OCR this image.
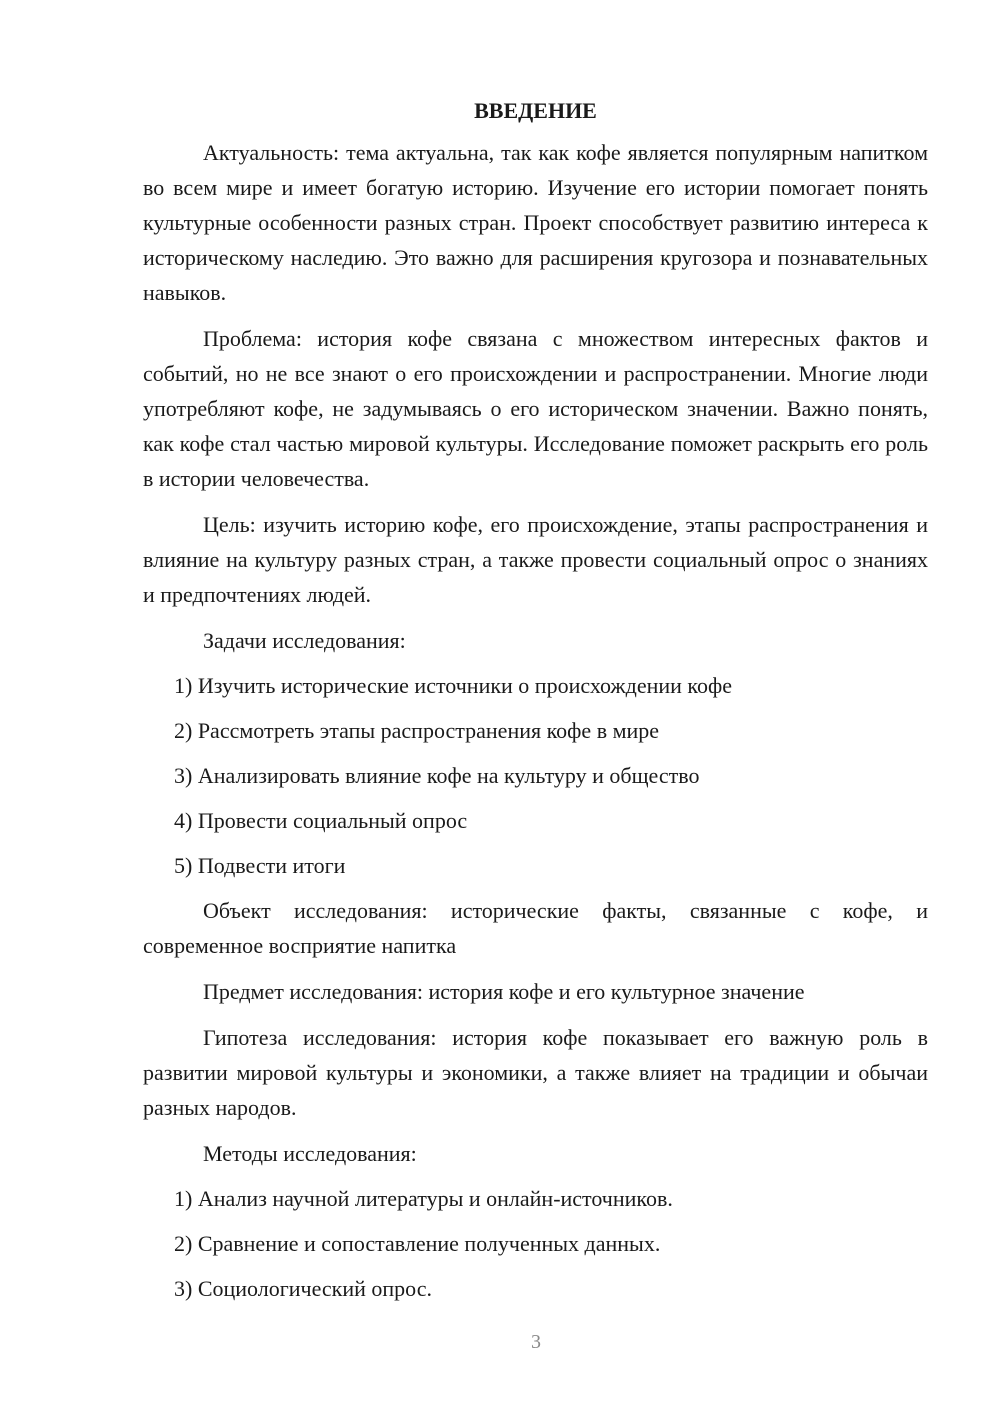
ВВЕДЕНИЕ
Актуальность: тема актуальна, так как кофе является популярным напитком во всем мире и имеет богатую историю. Изучение его истории помогает понять культурные особенности разных стран. Проект способствует развитию интереса к историческому наследию. Это важно для расширения кругозора и познавательных навыков.
Проблема: история кофе связана с множеством интересных фактов и событий, но не все знают о его происхождении и распространении. Многие люди употребляют кофе, не задумываясь о его историческом значении. Важно понять, как кофе стал частью мировой культуры. Исследование поможет раскрыть его роль в истории человечества.
Цель: изучить историю кофе, его происхождение, этапы распространения и влияние на культуру разных стран, а также провести социальный опрос о знаниях и предпочтениях людей.
Задачи исследования:
1) Изучить исторические источники о происхождении кофе
2) Рассмотреть этапы распространения кофе в мире
3) Анализировать влияние кофе на культуру и общество
4) Провести социальный опрос
5) Подвести итоги
Объект исследования: исторические факты, связанные с кофе, и современное восприятие напитка
Предмет исследования: история кофе и его культурное значение
Гипотеза исследования: история кофе показывает его важную роль в развитии мировой культуры и экономики, а также влияет на традиции и обычаи разных народов.
Методы исследования:
1) Анализ научной литературы и онлайн-источников.
2) Сравнение и сопоставление полученных данных.
3) Социологический опрос.
3
